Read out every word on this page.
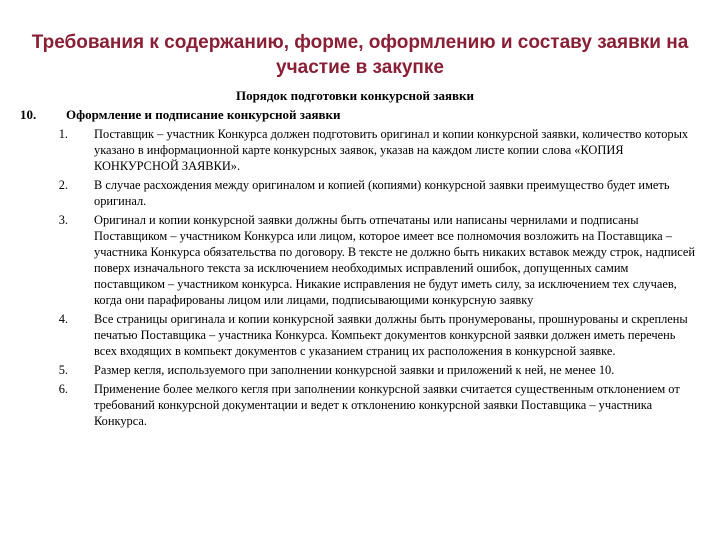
Требования к содержанию, форме, оформлению и составу заявки на участие в закупке
Порядок подготовки конкурсной заявки
10. Оформление и подписание конкурсной заявки
1. Поставщик – участник Конкурса должен подготовить оригинал и копии конкурсной заявки, количество которых указано в информационной карте конкурсных заявок, указав на каждом листе копии слова «КОПИЯ КОНКУРСНОЙ ЗАЯВКИ».
2. В случае расхождения между оригиналом и копией (копиями) конкурсной заявки преимущество будет иметь оригинал.
3. Оригинал и копии конкурсной заявки должны быть отпечатаны или написаны чернилами и подписаны Поставщиком – участником Конкурса или лицом, которое имеет все полномочия возложить на Поставщика – участника Конкурса обязательства по договору. В тексте не должно быть никаких вставок между строк, надписей поверх изначального текста за исключением необходимых исправлений ошибок, допущенных самим поставщиком – участником конкурса. Никакие исправления не будут иметь силу, за исключением тех случаев, когда они парафированы лицом или лицами, подписывающими конкурсную заявку
4. Все страницы оригинала и копии конкурсной заявки должны быть пронумерованы, прошнурованы и скреплены печатью Поставщика – участника Конкурса. Компьект документов конкурсной заявки должен иметь перечень всех входящих в компьект документов с указанием страниц их расположения в конкурсной заявке.
5. Размер кегля, используемого при заполнении конкурсной заявки и приложений к ней, не менее 10.
6. Применение более мелкого кегля при заполнении конкурсной заявки считается существенным отклонением от требований конкурсной документации и ведет к отклонению конкурсной заявки Поставщика – участника Конкурса.
